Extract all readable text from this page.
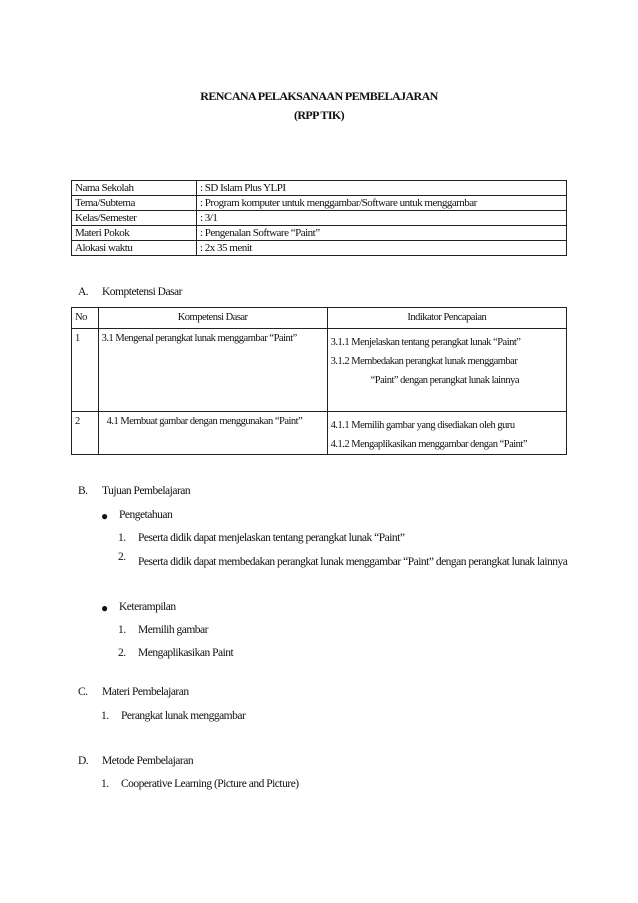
RENCANA PELAKSANAAN PEMBELAJARAN
(RPP TIK)
Nama Sekolah	: SD Islam Plus YLPI
Tema/Subtema	: Program komputer untuk menggambar/Software untuk menggambar
Kelas/Semester	: 3/1
Materi Pokok	: Pengenalan Software “Paint”
Alokasi waktu	: 2x 35 menit
A. Komptetensi Dasar
No	Kompetensi Dasar	Indikator Pencapaian
1	3.1 Mengenal perangkat lunak menggambar “Paint”	3.1.1 Menjelaskan tentang perangkat lunak “Paint”
3.1.2 Membedakan perangkat lunak menggambar
“Paint” dengan perangkat lunak lainnya

2	4.1 Membuat gambar dengan menggunakan “Paint”	4.1.1 Memilih gambar yang disediakan oleh guru
4.1.2 Mengaplikasikan menggambar dengan “Paint”
B. Tujuan Pembelajaran
● Pengetahuan
1. Peserta didik dapat menjelaskan tentang perangkat lunak “Paint”
2. Peserta didik dapat membedakan perangkat lunak menggambar “Paint” dengan perangkat lunak lainnya
● Keterampilan
1. Memilih gambar
2. Mengaplikasikan Paint
C. Materi Pembelajaran
1. Perangkat lunak menggambar
D. Metode Pembelajaran
1. Cooperative Learning (Picture and Picture)
